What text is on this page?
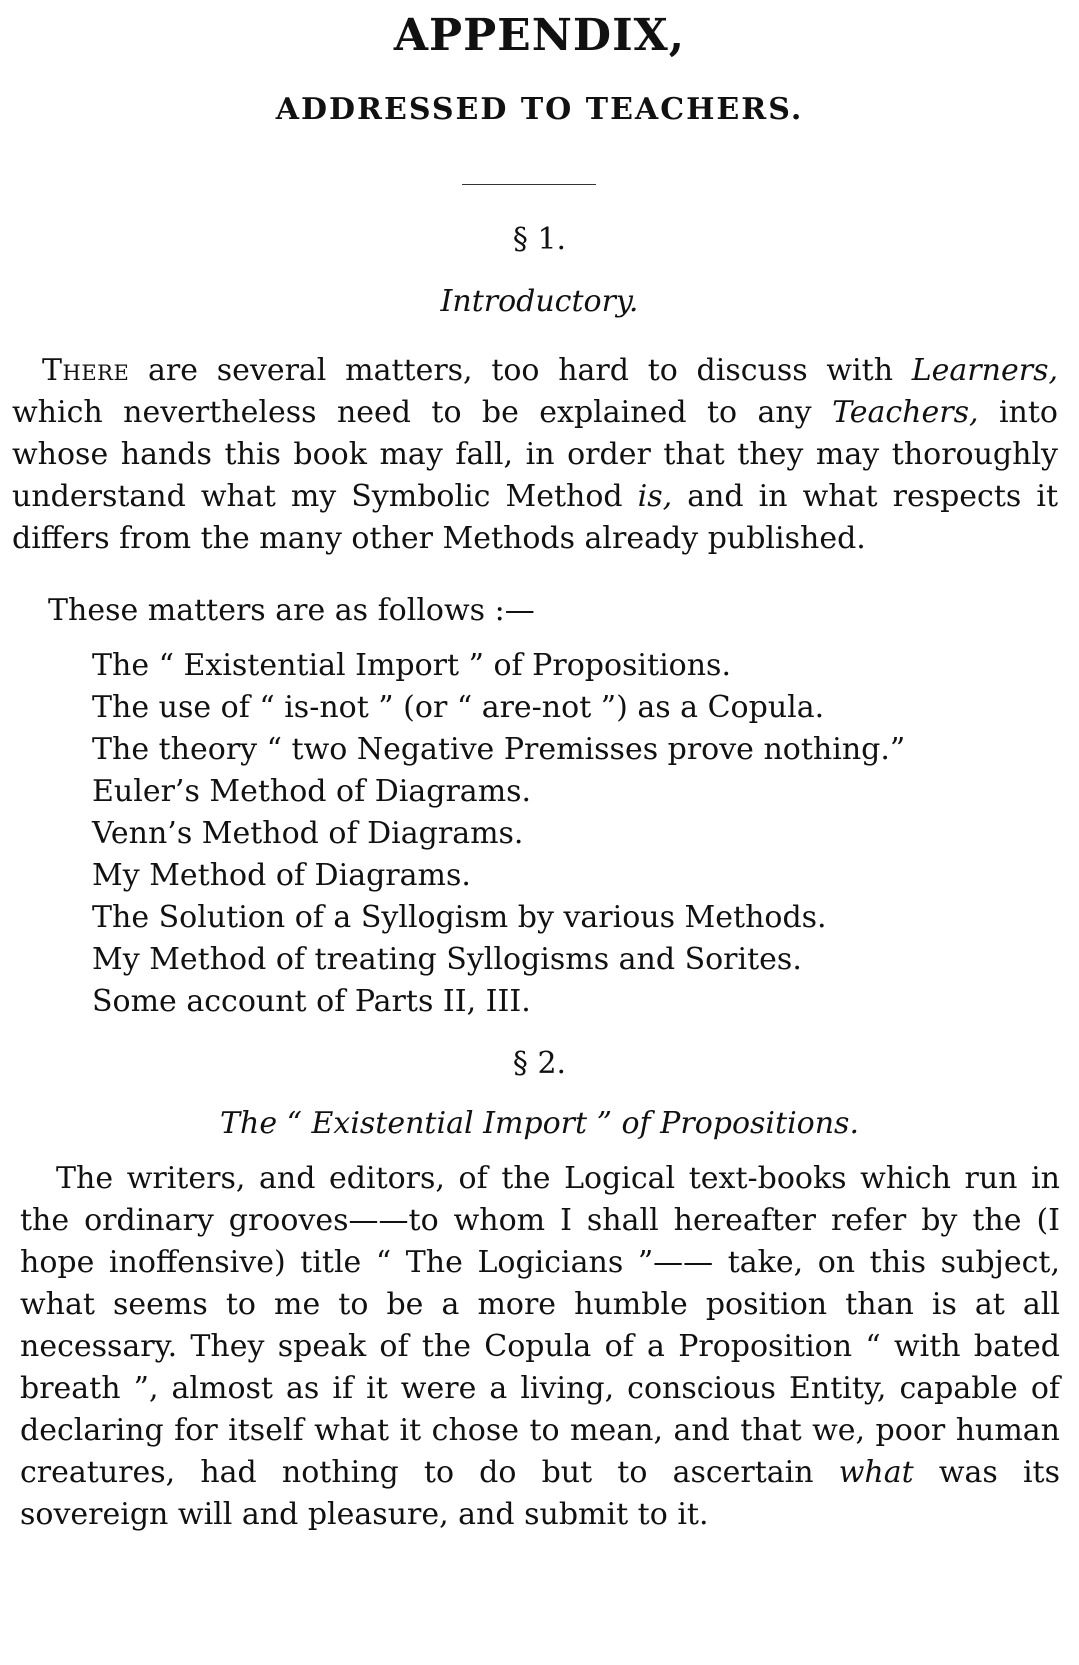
APPENDIX,
ADDRESSED TO TEACHERS.
§ 1.
Introductory.

There are several matters, too hard to discuss with Learners, which nevertheless need to be explained to any Teachers, into whose hands this book may fall, in order that they may thoroughly understand what my Symbolic Method is, and in what respects it differs from the many other Methods already published.

These matters are as follows :—

The “ Existential Import ” of Propositions.
The use of “ is-not ” (or “ are-not ”) as a Copula.
The theory “ two Negative Premisses prove nothing.”
Euler’s Method of Diagrams.
Venn’s Method of Diagrams.
My Method of Diagrams.
The Solution of a Syllogism by various Methods.
My Method of treating Syllogisms and Sorites.
Some account of Parts II, III.
§ 2.
The “ Existential Import ” of Propositions.

The writers, and editors, of the Logical text-books which run in the ordinary grooves——to whom I shall hereafter refer by the (I hope inoffensive) title “ The Logicians ”—— take, on this subject, what seems to me to be a more humble position than is at all necessary. They speak of the Copula of a Proposition “ with bated breath ”, almost as if it were a living, conscious Entity, capable of declaring for itself what it chose to mean, and that we, poor human creatures, had nothing to do but to ascertain what was its sovereign will and pleasure, and submit to it.
